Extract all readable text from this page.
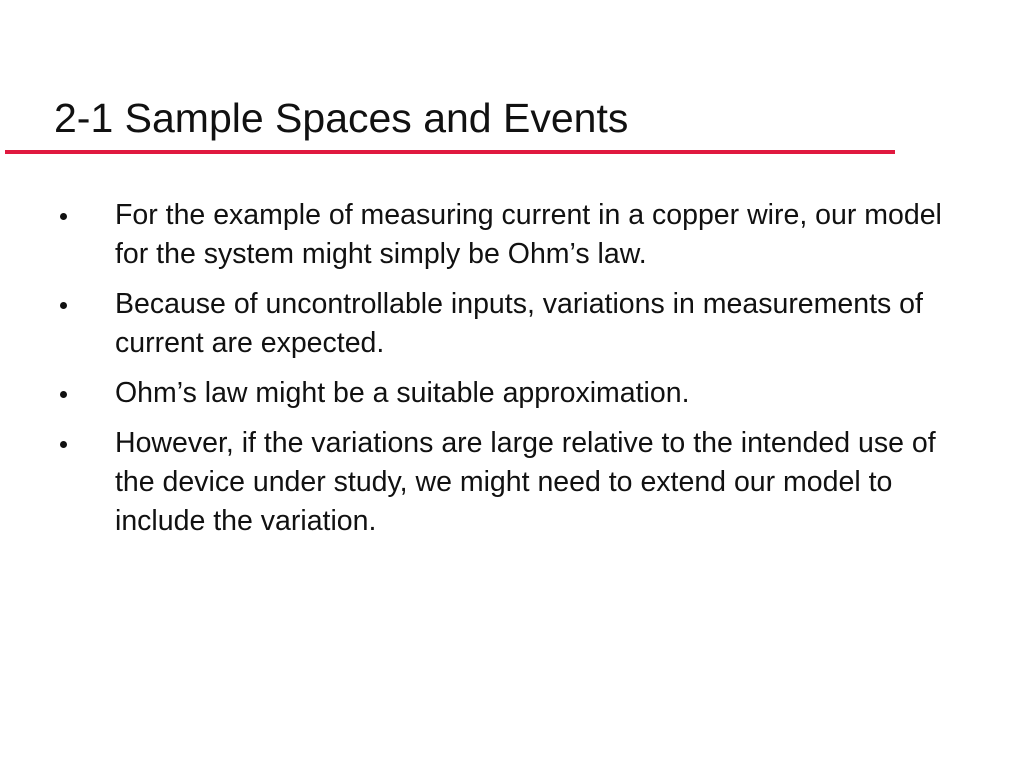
2-1 Sample Spaces and Events
For the example of measuring current in a copper wire, our model for the system might simply be Ohm’s law.
Because of uncontrollable inputs, variations in measurements of current are expected.
Ohm’s law might be a suitable approximation.
However, if the variations are large relative to the intended use of the device under study, we might need to extend our model to include the variation.
